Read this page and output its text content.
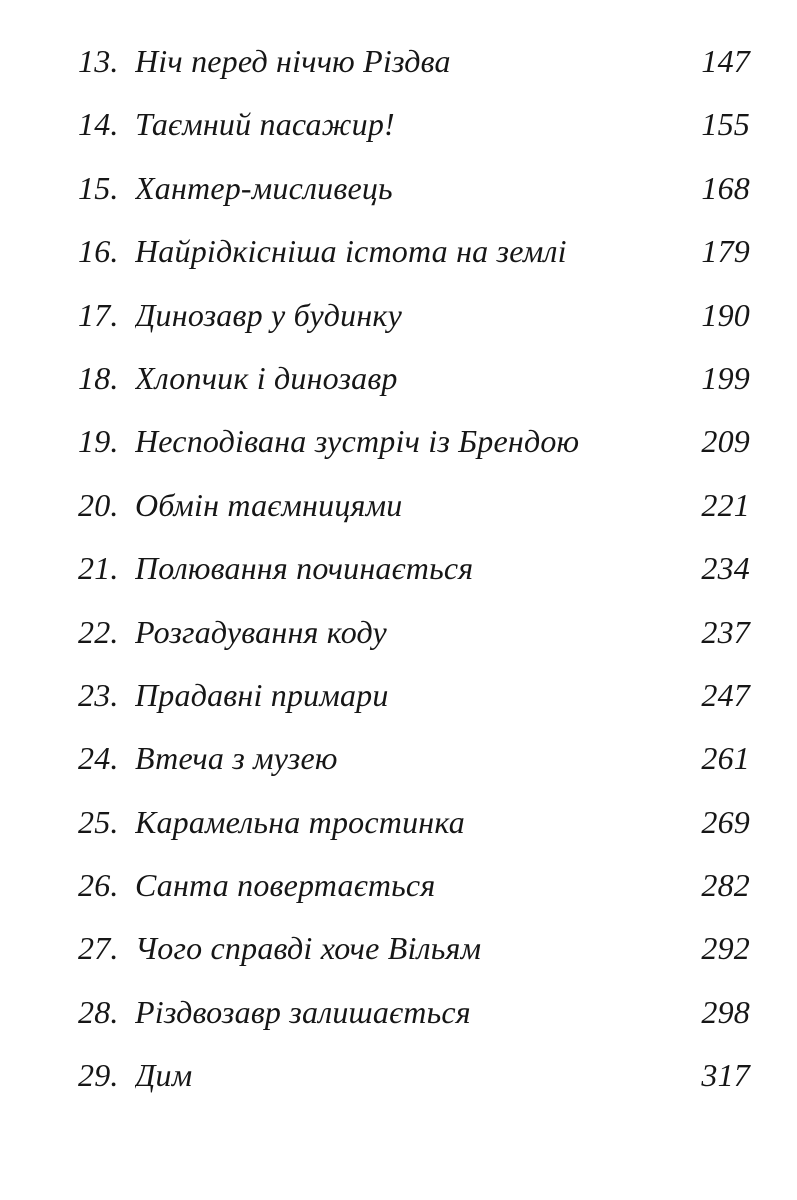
13. Ніч перед ніччю Різдва	147
14. Таємний пасажир!	155
15. Хантер-мисливець	168
16. Найрідкісніша істота на землі	179
17. Динозавр у будинку	190
18. Хлопчик і динозавр	199
19. Несподівана зустріч із Брендою	209
20. Обмін таємницями	221
21. Полювання починається	234
22. Розгадування коду	237
23. Прадавні примари	247
24. Втеча з музею	261
25. Карамельна тростинка	269
26. Санта повертається	282
27. Чого справді хоче Вільям	292
28. Різдвозавр залишається	298
29. Дим	317
